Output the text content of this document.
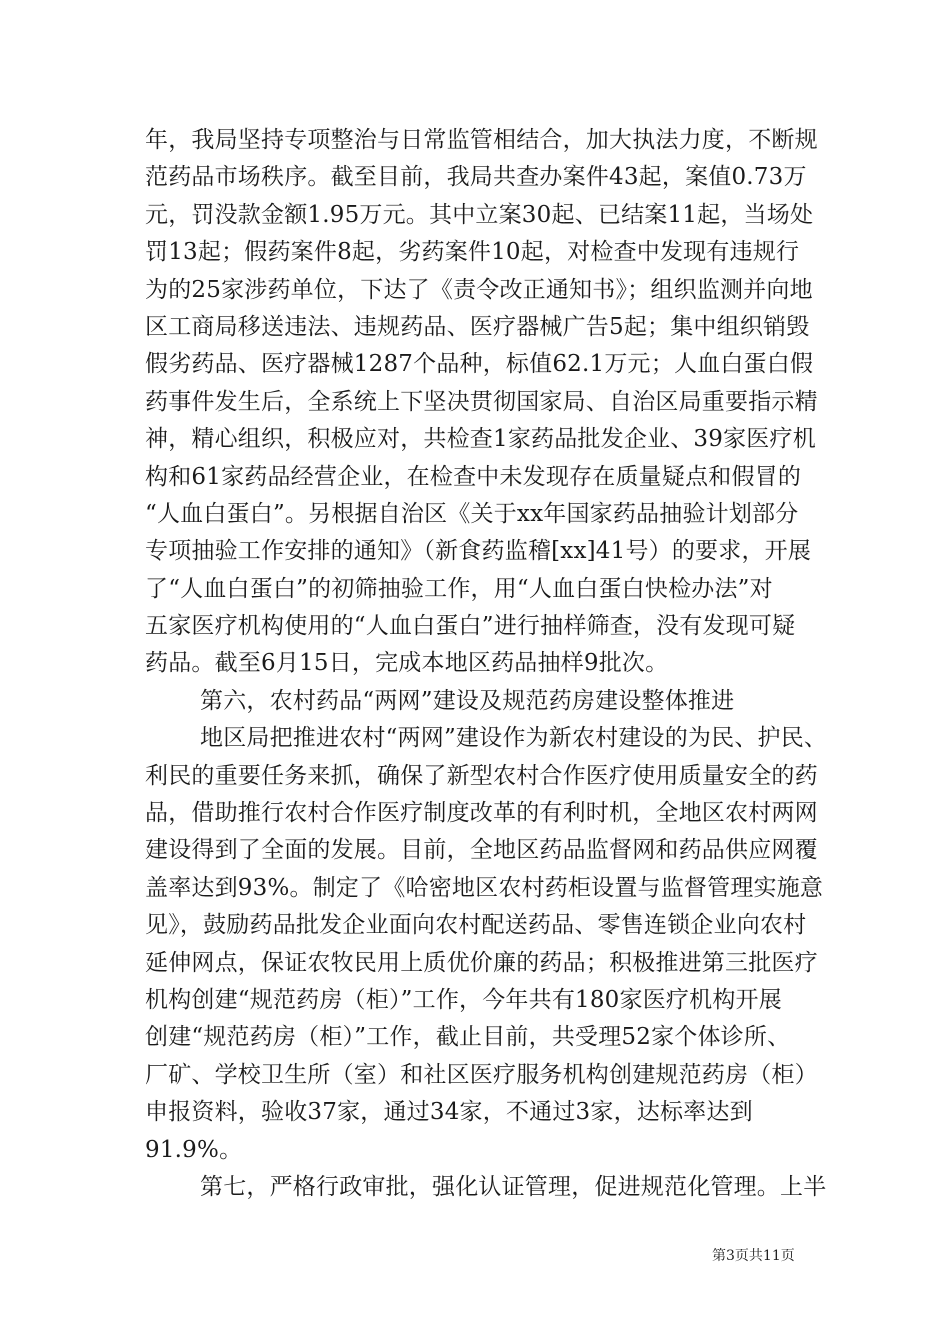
年，我局坚持专项整治与日常监管相结合，加大执法力度，不断规
范药品市场秩序。截至目前，我局共查办案件43起，案值0.73万
元，罚没款金额1.95万元。其中立案30起、已结案11起，当场处
罚13起；假药案件8起，劣药案件10起，对检查中发现有违规行
为的25家涉药单位，下达了《责令改正通知书》；组织监测并向地
区工商局移送违法、违规药品、医疗器械广告5起；集中组织销毁
假劣药品、医疗器械1287个品种，标值62.1万元；人血白蛋白假
药事件发生后，全系统上下坚决贯彻国家局、自治区局重要指示精
神，精心组织，积极应对，共检查1家药品批发企业、39家医疗机
构和61家药品经营企业，在检查中未发现存在质量疑点和假冒的
“人血白蛋白”。另根据自治区《关于xx年国家药品抽验计划部分
专项抽验工作安排的通知》（新食药监稽[xx]41号）的要求，开展
了“人血白蛋白”的初筛抽验工作，用“人血白蛋白快检办法”对
五家医疗机构使用的“人血白蛋白”进行抽样筛查，没有发现可疑
药品。截至6月15日，完成本地区药品抽样9批次。
第六，农村药品“两网”建设及规范药房建设整体推进
地区局把推进农村“两网”建设作为新农村建设的为民、护民、
利民的重要任务来抓，确保了新型农村合作医疗使用质量安全的药
品，借助推行农村合作医疗制度改革的有利时机，全地区农村两网
建设得到了全面的发展。目前，全地区药品监督网和药品供应网覆
盖率达到93%。制定了《哈密地区农村药柜设置与监督管理实施意
见》，鼓励药品批发企业面向农村配送药品、零售连锁企业向农村
延伸网点，保证农牧民用上质优价廉的药品；积极推进第三批医疗
机构创建“规范药房（柜）”工作，今年共有180家医疗机构开展
创建“规范药房（柜）”工作，截止目前，共受理52家个体诊所、
厂矿、学校卫生所（室）和社区医疗服务机构创建规范药房（柜）
申报资料，验收37家，通过34家，不通过3家，达标率达到
91.9%。
第七，严格行政审批，强化认证管理，促进规范化管理。上半
第3页共11页
